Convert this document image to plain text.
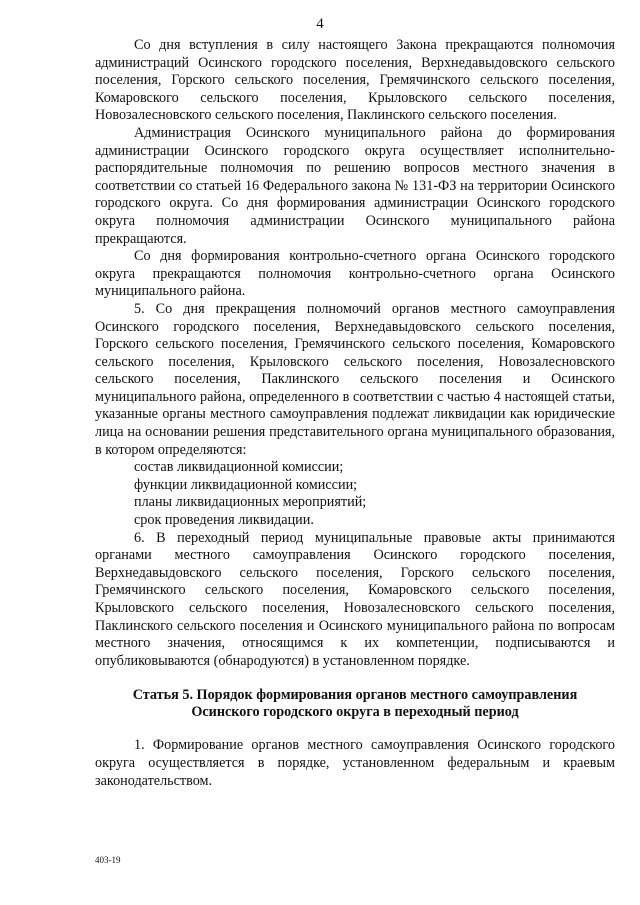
4

Со дня вступления в силу настоящего Закона прекращаются полномочия администраций Осинского городского поселения, Верхнедавыдовского сельского поселения, Горского сельского поселения, Гремячинского сельского поселения, Комаровского сельского поселения, Крыловского сельского поселения, Новозалесновского сельского поселения, Паклинского сельского поселения.

Администрация Осинского муниципального района до формирования администрации Осинского городского округа осуществляет исполнительно-распорядительные полномочия по решению вопросов местного значения в соответствии со статьей 16 Федерального закона № 131-ФЗ на территории Осинского городского округа. Со дня формирования администрации Осинского городского округа полномочия администрации Осинского муниципального района прекращаются.

Со дня формирования контрольно-счетного органа Осинского городского округа прекращаются полномочия контрольно-счетного органа Осинского муниципального района.

5. Со дня прекращения полномочий органов местного самоуправления Осинского городского поселения, Верхнедавыдовского сельского поселения, Горского сельского поселения, Гремячинского сельского поселения, Комаровского сельского поселения, Крыловского сельского поселения, Новозалесновского сельского поселения, Паклинского сельского поселения и Осинского муниципального района, определенного в соответствии с частью 4 настоящей статьи, указанные органы местного самоуправления подлежат ликвидации как юридические лица на основании решения представительного органа муниципального образования, в котором определяются:

состав ликвидационной комиссии;

функции ликвидационной комиссии;

планы ликвидационных мероприятий;

срок проведения ликвидации.

6. В переходный период муниципальные правовые акты принимаются органами местного самоуправления Осинского городского поселения, Верхнедавыдовского сельского поселения, Горского сельского поселения, Гремячинского сельского поселения, Комаровского сельского поселения, Крыловского сельского поселения, Новозалесновского сельского поселения, Паклинского сельского поселения и Осинского муниципального района по вопросам местного значения, относящимся к их компетенции, подписываются и опубликовываются (обнародуются) в установленном порядке.

Статья 5. Порядок формирования органов местного самоуправления
Осинского городского округа в переходный период

1. Формирование органов местного самоуправления Осинского городского округа осуществляется в порядке, установленном федеральным и краевым законодательством.

403-19
